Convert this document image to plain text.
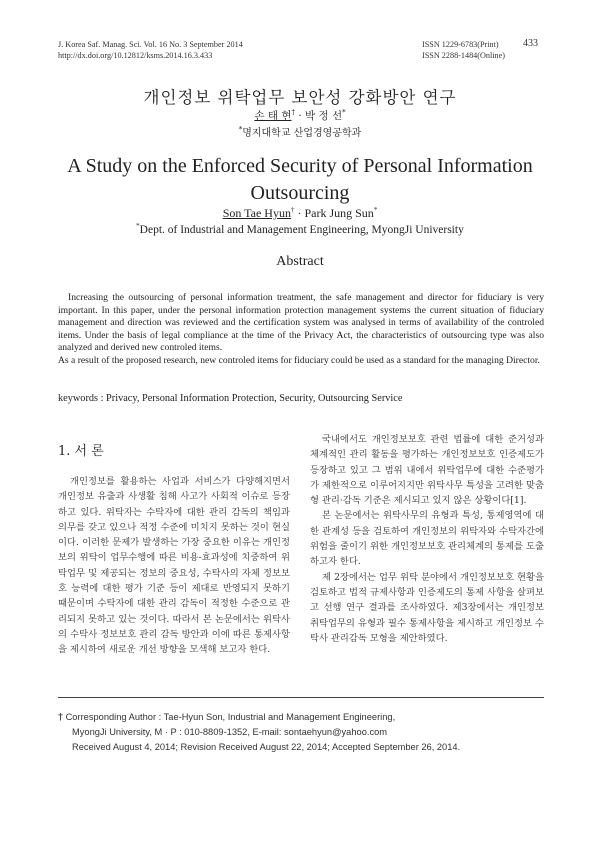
J. Korea Saf. Manag. Sci. Vol. 16 No. 3 September 2014
http://dx.doi.org/10.12812/ksms.2014.16.3.433
ISSN 1229-6783(Print)
ISSN 2288-1484(Online)
433
개인정보 위탁업무 보안성 강화방안 연구
손 태 현† · 박 정 선*
*명지대학교 산업경영공학과
A Study on the Enforced Security of Personal Information Outsourcing
Son Tae Hyun† · Park Jung Sun*
*Dept. of Industrial and Management Engineering, MyongJi University
Abstract

Increasing the outsourcing of personal information treatment, the safe management and director for fiduciary is very important. In this paper, under the personal information protection management systems the current situation of fiduciary management and direction was reviewed and the certification system was analysed in terms of availability of the controled items. Under the basis of legal compliance at the time of the Privacy Act, the characteristics of outsourcing type was also analyzed and derived new controled items.

As a result of the proposed research, new controled items for fiduciary could be used as a standard for the managing Director.

keywords : Privacy, Personal Information Protection, Security, Outsourcing Service
1. 서 론

개인정보를 활용하는 사업과 서비스가 다양해지면서 개인정보 유출과 사생활 침해 사고가 사회적 이슈로 등장하고 있다. 위탁자는 수탁자에 대한 관리 감독의 책임과 의무를 갖고 있으나 적정 수준에 미치지 못하는 것이 현실이다. 이러한 문제가 발생하는 가장 중요한 이유는 개인정보의 위탁이 업무수행에 따른 비용-효과성에 치중하여 위탁업무 및 제공되는 정보의 중요성, 수탁사의 자체 정보보호 능력에 대한 평가 기준 등이 제대로 반영되지 못하기 때문이며 수탁자에 대한 관리 감독이 적정한 수준으로 관리되지 못하고 있는 것이다. 따라서 본 논문에서는 위탁사의 수탁사 정보보호 관리 감독 방안과 이에 따른 통제사항을 제시하여 새로운 개선 방향을 모색해 보고자 한다.

국내에서도 개인정보보호 관련 법률에 대한 준거성과 체계적인 관리 활동을 평가하는 개인정보보호 인증제도가 등장하고 있고 그 범위 내에서 위탁업무에 대한 수준평가가 제한적으로 이루어지지만 위탁사무 특성을 고려한 맞춤형 관리·감독 기준은 제시되고 있지 않은 상황이다[1].

본 논문에서는 위탁사무의 유형과 특성, 통제영역에 대한 관계성 등을 검토하여 개인정보의 위탁자와 수탁자간에 위험을 줄이기 위한 개인정보보호 관리체계의 통제를 도출하고자 한다.

제 2장에서는 업무 위탁 분야에서 개인정보보호 현황을 검토하고 법적 규제사항과 인증제도의 통제 사항을 살펴보고 선행 연구 결과를 조사하였다. 제3장에서는 개인정보 취탁업무의 유형과 필수 통제사항을 제시하고 개인정보 수탁사 관리감독 모형을 제안하였다.

† Corresponding Author : Tae-Hyun Son, Industrial and Management Engineering,
MyongJi University, M · P : 010-8809-1352, E-mail: sontaehyun@yahoo.com
Received August 4, 2014; Revision Received August 22, 2014; Accepted September 26, 2014.
